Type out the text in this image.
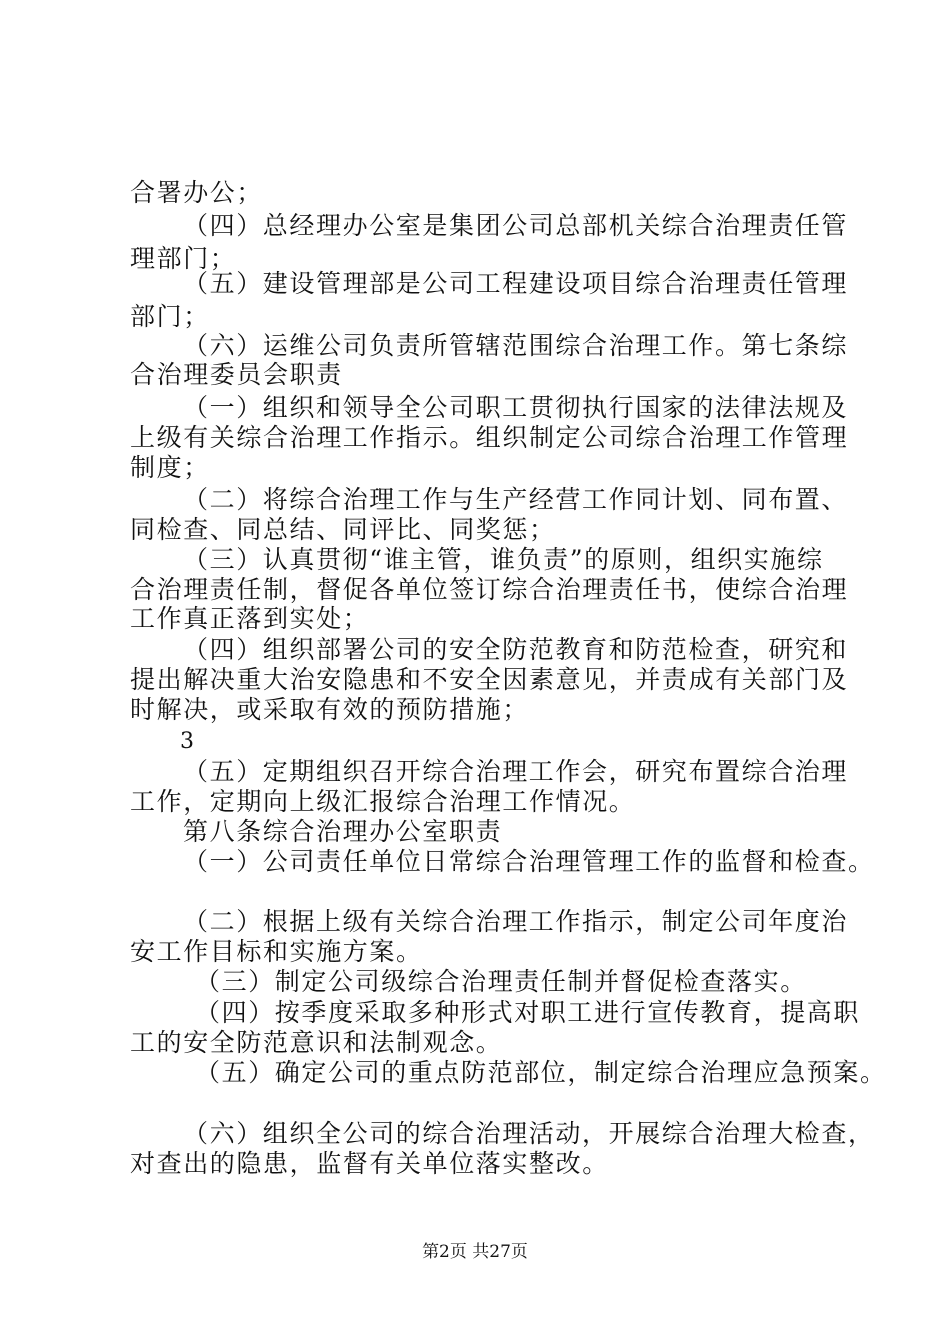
合署办公；
（四）总经理办公室是集团公司总部机关综合治理责任管
理部门；
（五）建设管理部是公司工程建设项目综合治理责任管理
部门；
（六）运维公司负责所管辖范围综合治理工作。第七条综
合治理委员会职责
（一）组织和领导全公司职工贯彻执行国家的法律法规及
上级有关综合治理工作指示。组织制定公司综合治理工作管理
制度；
（二）将综合治理工作与生产经营工作同计划、同布置、
同检查、同总结、同评比、同奖惩；
（三）认真贯彻“谁主管，谁负责”的原则，组织实施综
合治理责任制，督促各单位签订综合治理责任书，使综合治理
工作真正落到实处；
（四）组织部署公司的安全防范教育和防范检查，研究和
提出解决重大治安隐患和不安全因素意见，并责成有关部门及
时解决，或采取有效的预防措施；
3
（五）定期组织召开综合治理工作会，研究布置综合治理
工作，定期向上级汇报综合治理工作情况。
第八条综合治理办公室职责
（一）公司责任单位日常综合治理管理工作的监督和检查。
（二）根据上级有关综合治理工作指示，制定公司年度治
安工作目标和实施方案。
（三）制定公司级综合治理责任制并督促检查落实。
（四）按季度采取多种形式对职工进行宣传教育，提高职
工的安全防范意识和法制观念。
（五）确定公司的重点防范部位，制定综合治理应急预案。
（六）组织全公司的综合治理活动，开展综合治理大检查，
对查出的隐患，监督有关单位落实整改。
第2页 共27页
